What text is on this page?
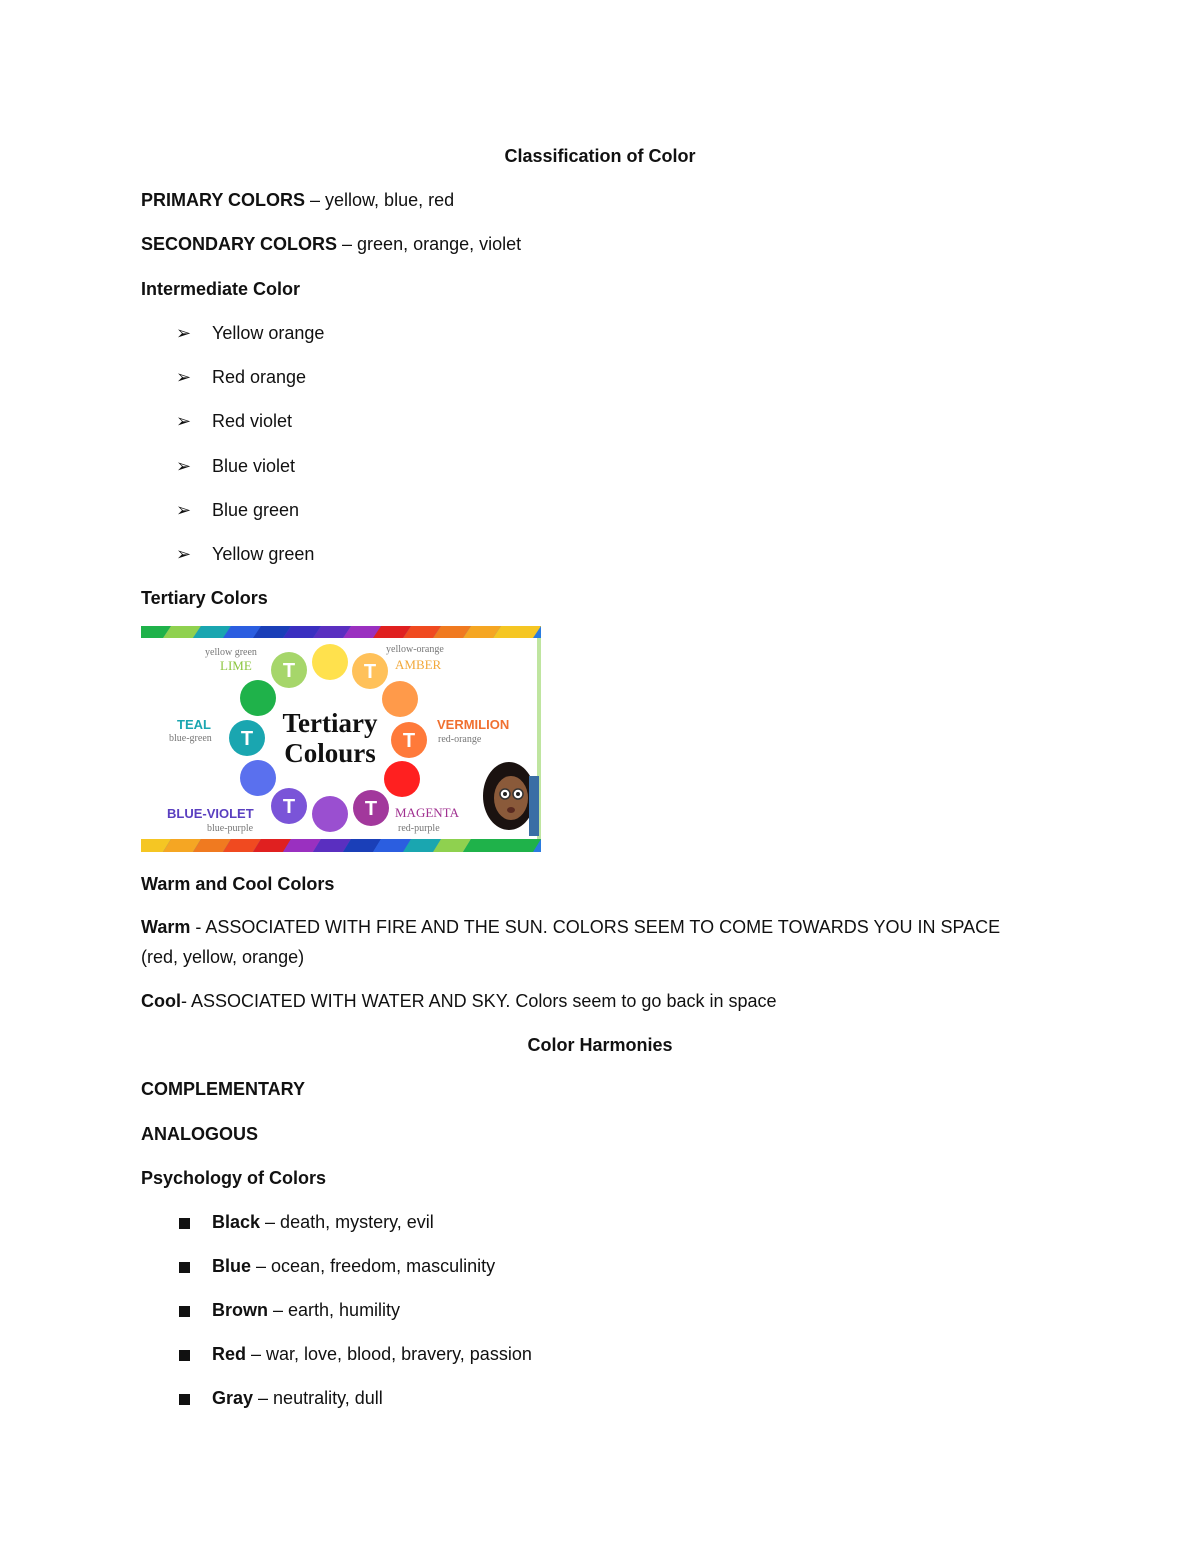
Classification of Color
PRIMARY COLORS – yellow, blue, red
SECONDARY COLORS – green, orange, violet
Intermediate Color
➢ Yellow orange
➢ Red orange
➢ Red violet
➢ Blue violet
➢ Blue green
➢ Yellow green
Tertiary Colors
T	T
T
T
T
T
Tertiary
Colours
yellow green	yellow-orange
blue-green	red-orange
blue-purple	red-purple
LIME	AMBER
MAGENTA
TEAL	VERMILION
BLUE-VIOLET
Warm and Cool Colors
Warm - ASSOCIATED WITH FIRE AND THE SUN. COLORS SEEM TO COME TOWARDS YOU IN SPACE (red, yellow, orange)
Cool- ASSOCIATED WITH WATER AND SKY. Colors seem to go back in space
Color Harmonies
COMPLEMENTARY
ANALOGOUS
Psychology of Colors
Black – death, mystery, evil
Blue – ocean, freedom, masculinity
Brown – earth, humility
Red – war, love, blood, bravery, passion
Gray – neutrality, dull
